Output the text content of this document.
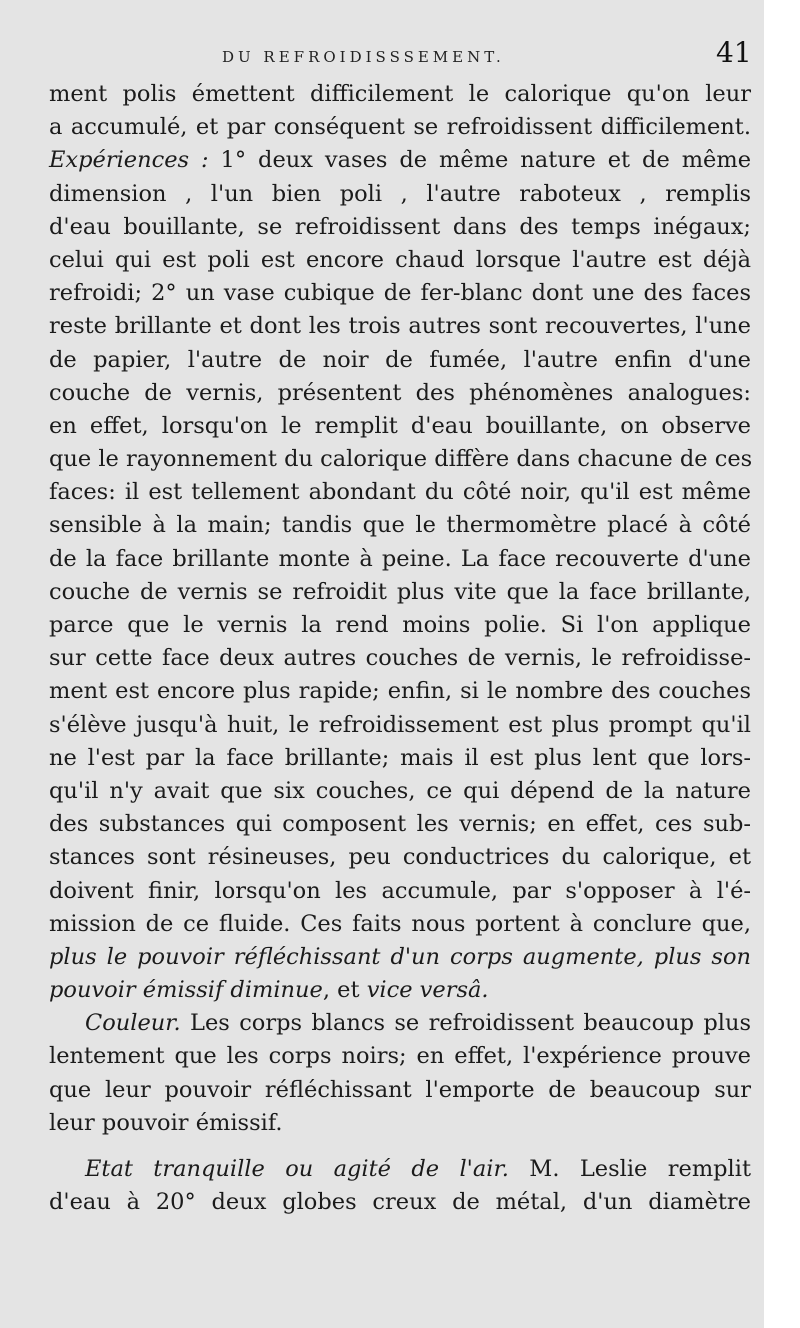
DU REFROIDISSSEMENT.	41
ment polis émettent difficilement le calorique qu'on leur
a accumulé, et par conséquent se refroidissent difficilement.
Expériences : 1° deux vases de même nature et de même
dimension , l'un bien poli , l'autre raboteux , remplis
d'eau bouillante, se refroidissent dans des temps inégaux;
celui qui est poli est encore chaud lorsque l'autre est déjà
refroidi; 2° un vase cubique de fer-blanc dont une des faces
reste brillante et dont les trois autres sont recouvertes, l'une
de papier, l'autre de noir de fumée, l'autre enfin d'une
couche de vernis, présentent des phénomènes analogues:
en effet, lorsqu'on le remplit d'eau bouillante, on observe
que le rayonnement du calorique diffère dans chacune de ces
faces: il est tellement abondant du côté noir, qu'il est même
sensible à la main; tandis que le thermomètre placé à côté
de la face brillante monte à peine. La face recouverte d'une
couche de vernis se refroidit plus vite que la face brillante,
parce que le vernis la rend moins polie. Si l'on applique
sur cette face deux autres couches de vernis, le refroidisse-
ment est encore plus rapide; enfin, si le nombre des couches
s'élève jusqu'à huit, le refroidissement est plus prompt qu'il
ne l'est par la face brillante; mais il est plus lent que lors-
qu'il n'y avait que six couches, ce qui dépend de la nature
des substances qui composent les vernis; en effet, ces sub-
stances sont résineuses, peu conductrices du calorique, et
doivent finir, lorsqu'on les accumule, par s'opposer à l'é-
mission de ce fluide. Ces faits nous portent à conclure que,
plus le pouvoir réfléchissant d'un corps augmente, plus son
pouvoir émissif diminue, et vice versâ.
Couleur. Les corps blancs se refroidissent beaucoup plus
lentement que les corps noirs; en effet, l'expérience prouve
que leur pouvoir réfléchissant l'emporte de beaucoup sur
leur pouvoir émissif.
Etat tranquille ou agité de l'air. M. Leslie remplit
d'eau à 20° deux globes creux de métal, d'un diamètre
